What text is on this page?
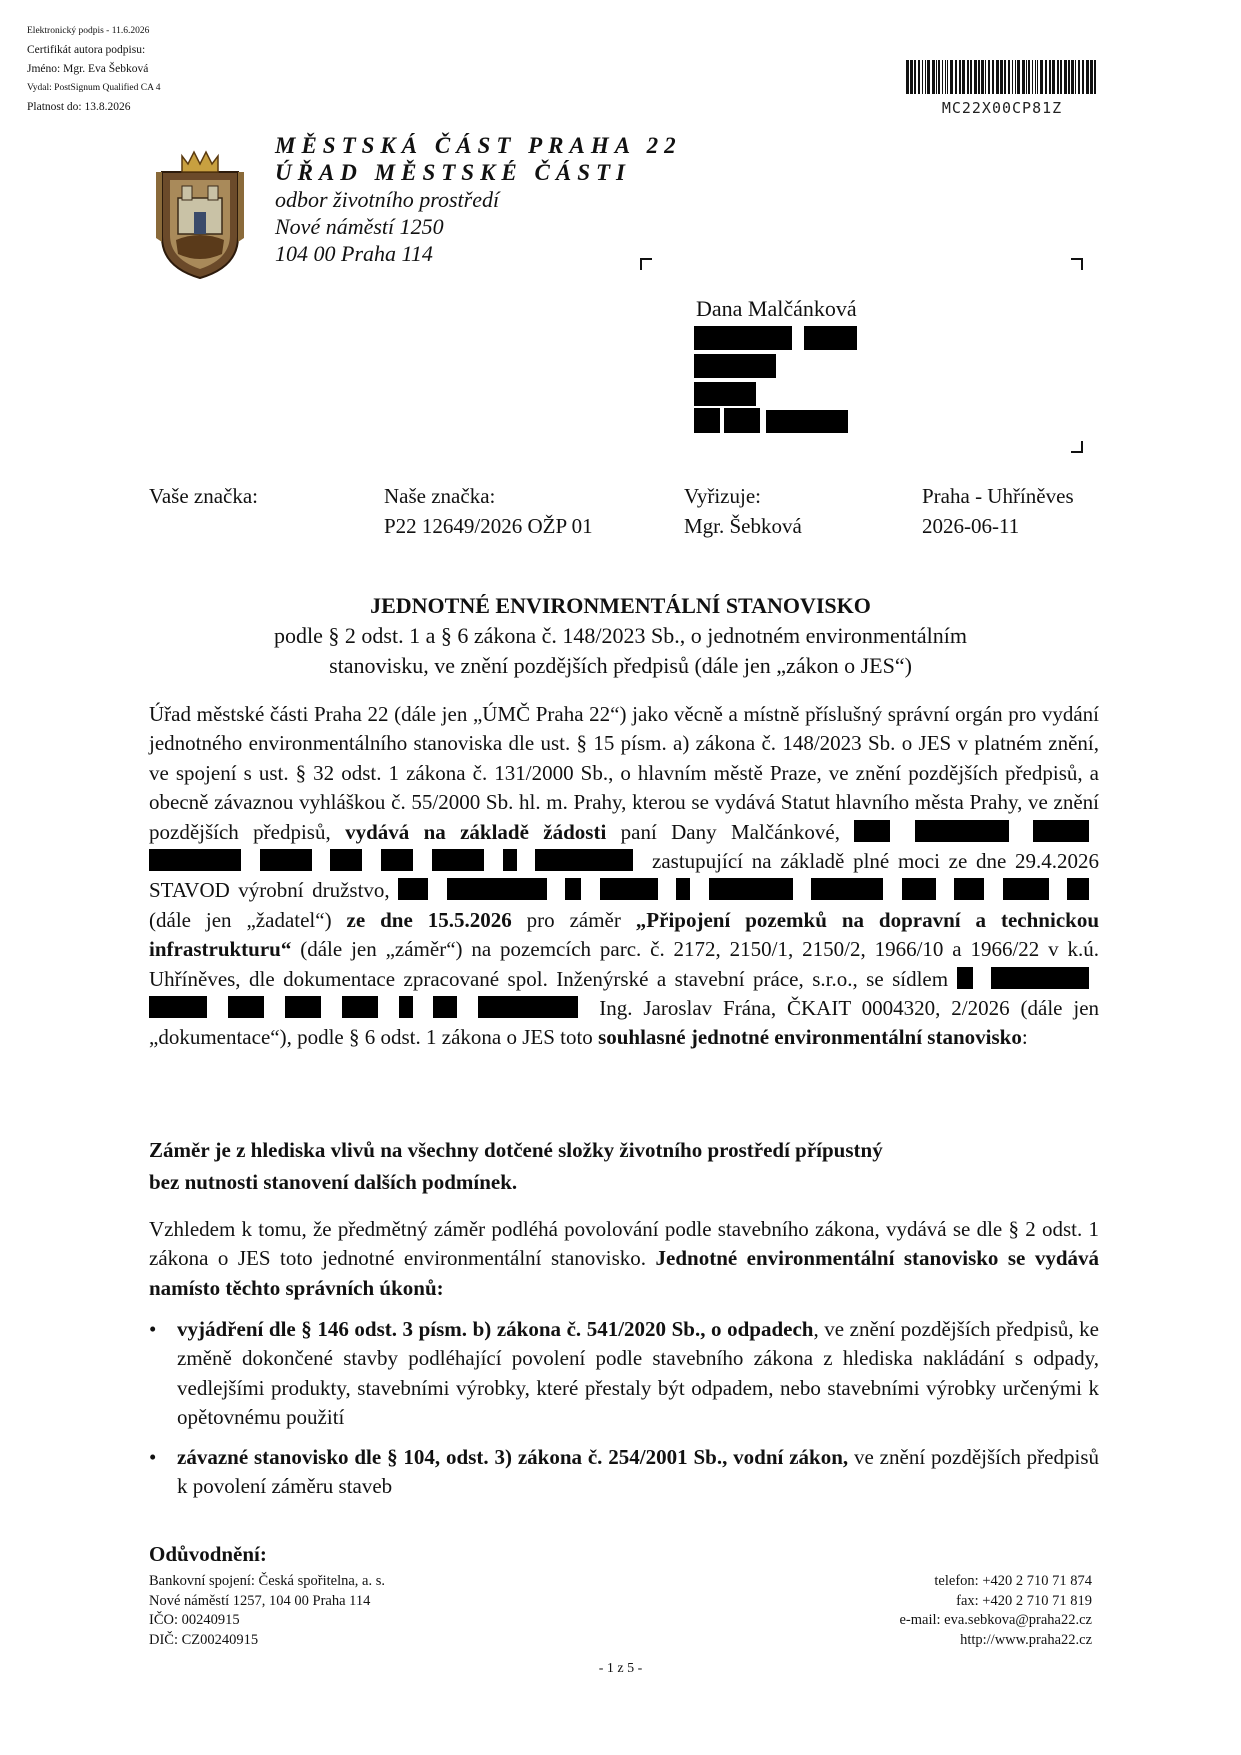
Elektronický podpis - 11.6.2026
Certifikát autora podpisu:
Jméno: Mgr. Eva Šebková
Vydal: PostSignum Qualified CA 4
Platnost do: 13.8.2026	MC22X00CP81Z
MĚSTSKÁ ČÁST PRAHA 22
ÚŘAD MĚSTSKÉ ČÁSTI
odbor životního prostředí
Nové náměstí 1250
104 00 Praha 114
Dana Malčánková
Vaše značka:	Naše značka:
P22 12649/2026 OŽP 01
Vyřizuje:
Mgr. Šebková
Praha - Uhříněves
2026-06-11
JEDNOTNÉ ENVIRONMENTÁLNÍ STANOVISKO
podle § 2 odst. 1 a § 6 zákona č. 148/2023 Sb., o jednotném environmentálním
stanovisku, ve znění pozdějších předpisů (dále jen „zákon o JES“)
Úřad městské části Praha 22 (dále jen „ÚMČ Praha 22“) jako věcně a místně příslušný správní orgán pro vydání jednotného environmentálního stanoviska dle ust. § 15 písm. a) zákona č. 148/2023 Sb. o JES v platném znění, ve spojení s ust. § 32 odst. 1 zákona č. 131/2000 Sb., o hlavním městě Praze, ve znění pozdějších předpisů, a obecně závaznou vyhláškou č. 55/2000 Sb. hl. m. Prahy, kterou se vydává Statut hlavního města Prahy, ve znění pozdějších předpisů, vydává na základě žádosti paní Dany Malčánkové,           zastupující na základě plné moci ze dne 29.4.2026 STAVOD výrobní družstvo,            (dále jen „žadatel“) ze dne 15.5.2026 pro záměr „Připojení pozemků na dopravní a technickou infrastrukturu“ (dále jen „záměr“) na pozemcích parc. č. 2172, 2150/1, 2150/2, 1966/10 a 1966/22 v k.ú. Uhříněves, dle dokumentace zpracované spol. Inženýrské a stavební práce, s.r.o., se sídlem          Ing. Jaroslav Frána, ČKAIT 0004320, 2/2026 (dále jen „dokumentace“), podle § 6 odst. 1 zákona o JES toto souhlasné jednotné environmentální stanovisko:
Záměr je z hlediska vlivů na všechny dotčené složky životního prostředí přípustný
bez nutnosti stanovení dalších podmínek.
Vzhledem k tomu, že předmětný záměr podléhá povolování podle stavebního zákona, vydává se dle § 2 odst. 1 zákona o JES toto jednotné environmentální stanovisko. Jednotné environmentální stanovisko se vydává namísto těchto správních úkonů:
• vyjádření dle § 146 odst. 3 písm. b) zákona č. 541/2020 Sb., o odpadech, ve znění pozdějších předpisů, ke změně dokončené stavby podléhající povolení podle stavebního zákona z hlediska nakládání s odpady, vedlejšími produkty, stavebními výrobky, které přestaly být odpadem, nebo stavebními výrobky určenými k opětovnému použití
• závazné stanovisko dle § 104, odst. 3) zákona č. 254/2001 Sb., vodní zákon, ve znění pozdějších předpisů k povolení záměru staveb
Odůvodnění:
Bankovní spojení: Česká spořitelna, a. s.
Nové náměstí 1257, 104 00 Praha 114
IČO: 00240915
DIČ: CZ00240915
telefon: +420 2 710 71 874
fax: +420 2 710 71 819
e-mail: eva.sebkova@praha22.cz
http://www.praha22.cz
- 1 z 5 -
